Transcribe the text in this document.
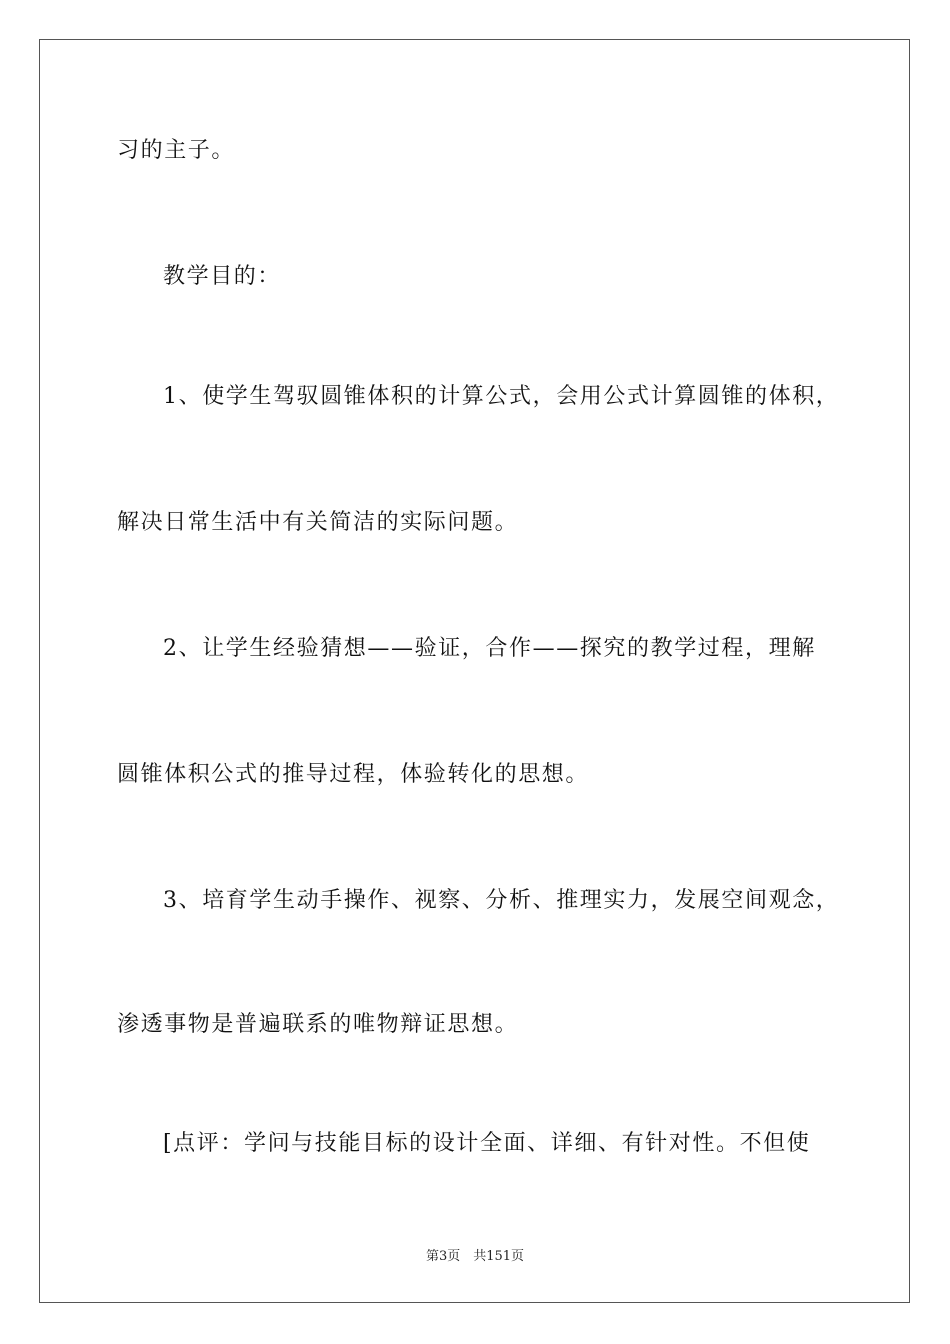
习的主子。
教学目的：
1、使学生驾驭圆锥体积的计算公式，会用公式计算圆锥的体积，
解决日常生活中有关简洁的实际问题。
2、让学生经验猜想——验证，合作——探究的教学过程，理解
圆锥体积公式的推导过程，体验转化的思想。
3、培育学生动手操作、视察、分析、推理实力，发展空间观念，
渗透事物是普遍联系的唯物辩证思想。
[点评：学问与技能目标的设计全面、详细、有针对性。不但使
第3页　共151页
